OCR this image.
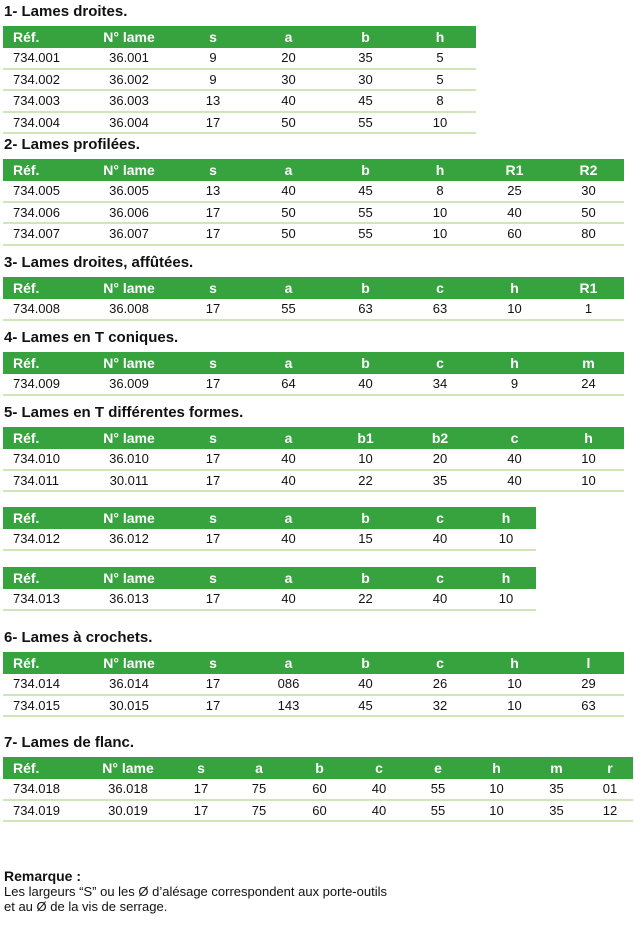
1- Lames droites.
2- Lames profilées.
3- Lames droites, affûtées.
4- Lames en T coniques.
5- Lames en T différentes formes.
6- Lames à crochets.
7- Lames de flanc.
Réf.	N° lame	s	a	b	h
734.001	36.001	9	20	35	5
734.002	36.002	9	30	30	5
734.003	36.003	13	40	45	8
734.004	36.004	17	50	55	10
Réf.	N° lame	s	a	b	h	R1	R2
734.005	36.005	13	40	45	8	25	30
734.006	36.006	17	50	55	10	40	50
734.007	36.007	17	50	55	10	60	80
Réf.	N° lame	s	a	b	c	h	R1
734.008	36.008	17	55	63	63	10	1
Réf.	N° lame	s	a	b	c	h	m
734.009	36.009	17	64	40	34	9	24
Réf.	N° lame	s	a	b1	b2	c	h
734.010	36.010	17	40	10	20	40	10
734.011	30.011	17	40	22	35	40	10
Réf.	N° lame	s	a	b	c	h
734.012	36.012	17	40	15	40	10
Réf.	N° lame	s	a	b	c	h
734.013	36.013	17	40	22	40	10
Réf.	N° lame	s	a	b	c	h	l
734.014	36.014	17	086	40	26	10	29
734.015	30.015	17	143	45	32	10	63
Réf.	N° lame	s	a	b	c	e	h	m	r
734.018	36.018	17	75	60	40	55	10	35	01
734.019	30.019	17	75	60	40	55	10	35	12
Remarque :
Les largeurs “S” ou les Ø d’alésage correspondent aux porte-outils
et au Ø de la vis de serrage.
